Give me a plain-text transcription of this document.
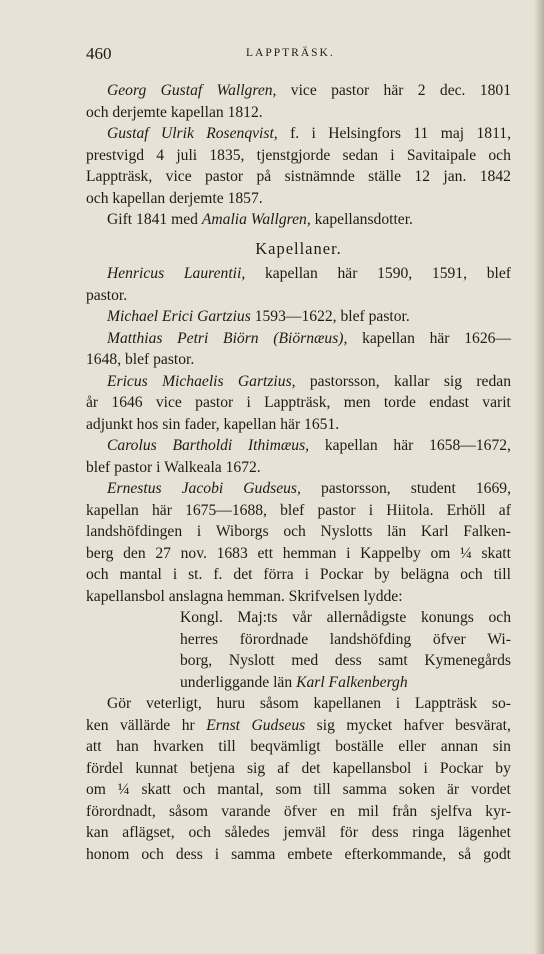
460	LAPPTRÄSK.
Georg Gustaf Wallgren, vice pastor här 2 dec. 1801
och derjemte kapellan 1812.
Gustaf Ulrik Rosenqvist, f. i Helsingfors 11 maj 1811,
prestvigd 4 juli 1835, tjenstgjorde sedan i Savitaipale och
Lappträsk, vice pastor på sistnämnde ställe 12 jan. 1842
och kapellan derjemte 1857.
Gift 1841 med Amalia Wallgren, kapellansdotter.
Kapellaner.
Henricus Laurentii, kapellan här 1590, 1591, blef
pastor.
Michael Erici Gartzius 1593—1622, blef pastor.
Matthias Petri Biörn (Biörnæus), kapellan här 1626—
1648, blef pastor.
Ericus Michaelis Gartzius, pastorsson, kallar sig redan
år 1646 vice pastor i Lappträsk, men torde endast varit
adjunkt hos sin fader, kapellan här 1651.
Carolus Bartholdi Ithimæus, kapellan här 1658—1672,
blef pastor i Walkeala 1672.
Ernestus Jacobi Gudseus, pastorsson, student 1669,
kapellan här 1675—1688, blef pastor i Hiitola. Erhöll af
landshöfdingen i Wiborgs och Nyslotts län Karl Falken-
berg den 27 nov. 1683 ett hemman i Kappelby om ¼ skatt
och mantal i st. f. det förra i Pockar by belägna och till
kapellansbol anslagna hemman. Skrifvelsen lydde:
Kongl. Maj:ts vår allernådigste konungs och
herres förordnade landshöfding öfver Wi-
borg, Nyslott med dess samt Kymenegårds
underliggande län Karl Falkenbergh
Gör veterligt, huru såsom kapellanen i Lappträsk so-
ken vällärde hr Ernst Gudseus sig mycket hafver besvärat,
att han hvarken till beqvämligt boställe eller annan sin
fördel kunnat betjena sig af det kapellansbol i Pockar by
om ¼ skatt och mantal, som till samma soken är vordet
förordnadt, såsom varande öfver en mil från sjelfva kyr-
kan aflägset, och således jemväl för dess ringa lägenhet
honom och dess i samma embete efterkommande, så godt
